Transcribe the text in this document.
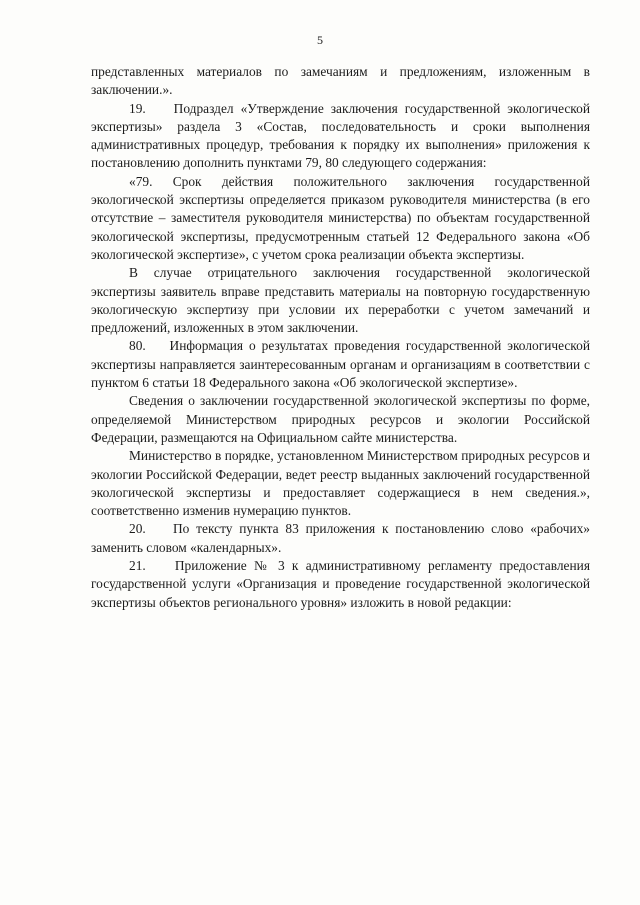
5

представленных материалов по замечаниям и предложениям, изложенным в заключении.».

19.    Подраздел «Утверждение заключения государственной экологической экспертизы» раздела 3 «Состав, последовательность и сроки выполнения административных процедур, требования к порядку их выполнения» приложения к постановлению дополнить пунктами 79, 80 следующего содержания:

«79. Срок действия положительного заключения государственной экологической экспертизы определяется приказом руководителя министерства (в его отсутствие – заместителя руководителя министерства) по объектам государственной экологической экспертизы, предусмотренным статьей 12 Федерального закона «Об экологической экспертизе», с учетом срока реализации объекта экспертизы.

В случае отрицательного заключения государственной экологической экспертизы заявитель вправе представить материалы на повторную государственную экологическую экспертизу при условии их переработки с учетом замечаний и предложений, изложенных в этом заключении.

80.    Информация о результатах проведения государственной экологической экспертизы направляется заинтересованным органам и организациям в соответствии с пунктом 6 статьи 18 Федерального закона «Об экологической экспертизе».

Сведения о заключении государственной экологической экспертизы по форме, определяемой Министерством природных ресурсов и экологии Российской Федерации, размещаются на Официальном сайте министерства.

Министерство в порядке, установленном Министерством природных ресурсов и экологии Российской Федерации, ведет реестр выданных заключений государственной экологической экспертизы и предоставляет содержащиеся в нем сведения.», соответственно изменив нумерацию пунктов.

20.    По тексту пункта 83 приложения к постановлению слово «рабочих» заменить словом «календарных».

21.    Приложение № 3 к административному регламенту предоставления государственной услуги «Организация и проведение государственной экологической экспертизы объектов регионального уровня» изложить в новой редакции:
